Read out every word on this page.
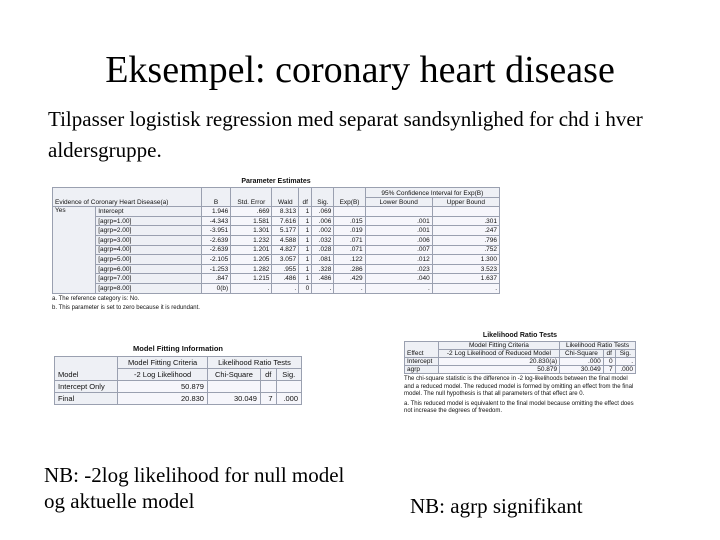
Eksempel: coronary heart disease
Tilpasser logistisk regression med separat sandsynlighed for chd i hver aldersgruppe.
Parameter Estimates
Evidence of Coronary Heart Disease(a)		B	Std. Error	Wald	df	Sig.	Exp(B)	95% Confidence Interval for Exp(B)	
								Lower Bound	Upper Bound
Yes	Intercept	1.946	.669	8.313	1	.069			
	[agrp=1.00]	-4.343	1.581	7.616	1	.006	.015	.001	.301
	[agrp=2.00]	-3.951	1.301	5.177	1	.002	.019	.001	.247
	[agrp=3.00]	-2.639	1.232	4.588	1	.032	.071	.006	.796
	[agrp=4.00]	-2.639	1.201	4.827	1	.028	.071	.007	.752
	[agrp=5.00]	-2.105	1.205	3.057	1	.081	.122	.012	1.300
	[agrp=6.00]	-1.253	1.282	.955	1	.328	.286	.023	3.523
	[agrp=7.00]	.847	1.215	.486	1	.486	.429	.040	1.637
	[agrp=8.00]	0(b)	.	.	0	.	.	.	.
a. The reference category is: No.
b. This parameter is set to zero because it is redundant.
Model Fitting Information
Model	Model Fitting Criteria	Likelihood Ratio Tests		
	-2 Log Likelihood	Chi-Square	df	Sig.
Intercept Only	50.879			
Final	20.830	30.049	7	.000
Likelihood Ratio Tests
Effect	Model Fitting Criteria	Likelihood Ratio Tests		
	-2 Log Likelihood of Reduced Model	Chi-Square	df	Sig.
Intercept	20.830(a)	.000	0	.
agrp	50.879	30.049	7	.000
The chi-square statistic is the difference in -2 log-likelihoods between the final model and a reduced model. The reduced model is formed by omitting an effect from the final model. The null hypothesis is that all parameters of that effect are 0.
a. This reduced model is equivalent to the final model because omitting the effect does not increase the degrees of freedom.
NB: -2log likelihood for null model og aktuelle model	NB: agrp signifikant
